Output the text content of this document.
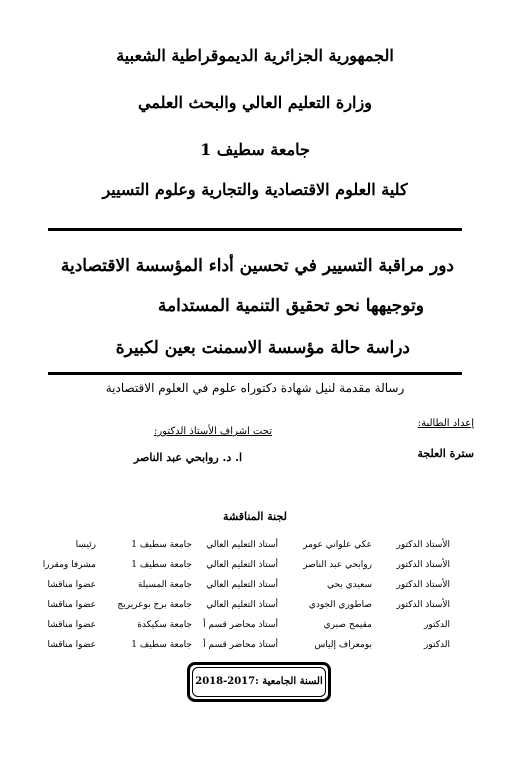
الجمهورية الجزائرية الديموقراطية الشعبية
وزارة التعليم العالي والبحث العلمي
جامعة سطيف 1
كلية العلوم الاقتصادية والتجارية وعلوم التسيير
دور مراقبة التسيير في تحسين أداء المؤسسة الاقتصادية
وتوجيهها نحو تحقيق التنمية المستدامة
دراسة حالة مؤسسة الاسمنت بعين لكبيرة
رسالة مقدمة لنيل شهادة دكتوراه علوم في العلوم الاقتصادية
إعداد الطالبة:
سترة العلجة
تحت اشراف الأستاذ الدكتور:
ا. د. روابحي عبد الناصر
لجنة المناقشة
الأستاذ الدكتور
عكي علواني عومر
أستاذ التعليم العالي
جامعة سطيف 1
رئيسا
الأستاذ الدكتور
روابحي عبد الناصر
أستاذ التعليم العالي
جامعة سطيف 1
مشرفا ومقررا
الأستاذ الدكتور
سعيدي يحي
أستاذ التعليم العالي
جامعة المسيلة
عضوا مناقشا
الأستاذ الدكتور
صاطوري الجودي
أستاذ التعليم العالي
جامعة برج بوعريريج
عضوا مناقشا
الدكتور
مقيمح صبري
أستاذ محاضر قسم أ
جامعة سكيكدة
عضوا مناقشا
الدكتور
بومعراف إلياس
أستاذ محاضر قسم أ
جامعة سطيف 1
عضوا مناقشا
السنة الجامعية :2017-2018
